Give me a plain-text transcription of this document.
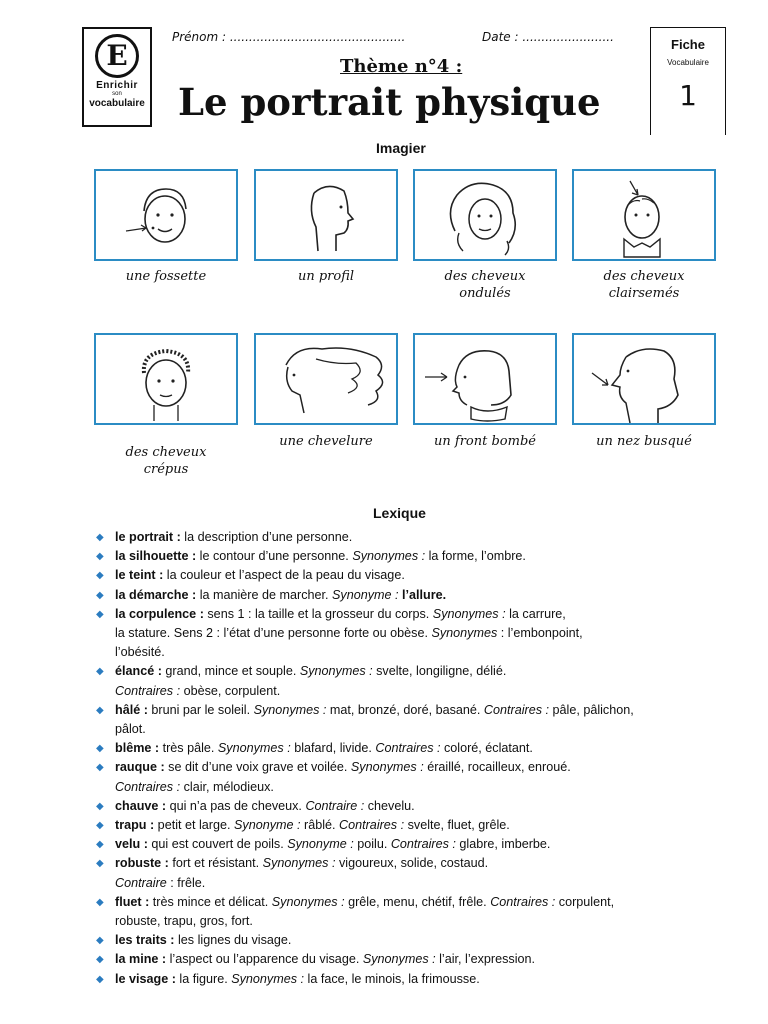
E
Enrichir
son
vocabulaire
Prénom : ..............................................	Date : ........................
Thème n°4 :
Le portrait physique
Fiche
Vocabulaire
1
Imagier
une fossette	un profil	des cheveux
ondulés
des cheveux
clairsemés
des cheveux
crépus
une chevelure	un front bombé	un nez busqué
Lexique
◆ le portrait : la description d’une personne.
◆ la silhouette : le contour d’une personne. Synonymes : la forme, l’ombre.
◆ le teint : la couleur et l’aspect de la peau du visage.
◆ la démarche : la manière de marcher. Synonyme : l’allure.
◆ la corpulence : sens 1 : la taille et la grosseur du corps. Synonymes : la carrure,
la stature. Sens 2 : l’état d’une personne forte ou obèse. Synonymes : l’embonpoint,
l’obésité.
◆ élancé : grand, mince et souple. Synonymes : svelte, longiligne, délié.
Contraires : obèse, corpulent.
◆ hâlé : bruni par le soleil. Synonymes : mat, bronzé, doré, basané. Contraires : pâle, pâlichon,
pâlot.
◆ blême : très pâle. Synonymes : blafard, livide. Contraires : coloré, éclatant.
◆ rauque : se dit d’une voix grave et voilée. Synonymes : éraillé, rocailleux, enroué.
Contraires : clair, mélodieux.
◆ chauve : qui n’a pas de cheveux. Contraire : chevelu.
◆ trapu : petit et large. Synonyme : râblé. Contraires : svelte, fluet, grêle.
◆ velu : qui est couvert de poils. Synonyme : poilu. Contraires : glabre, imberbe.
◆ robuste : fort et résistant. Synonymes : vigoureux, solide, costaud.
Contraire : frêle.
◆ fluet : très mince et délicat. Synonymes : grêle, menu, chétif, frêle. Contraires : corpulent,
robuste, trapu, gros, fort.
◆ les traits : les lignes du visage.
◆ la mine : l’aspect ou l’apparence du visage. Synonymes : l’air, l’expression.
◆ le visage : la figure. Synonymes : la face, le minois, la frimousse.
